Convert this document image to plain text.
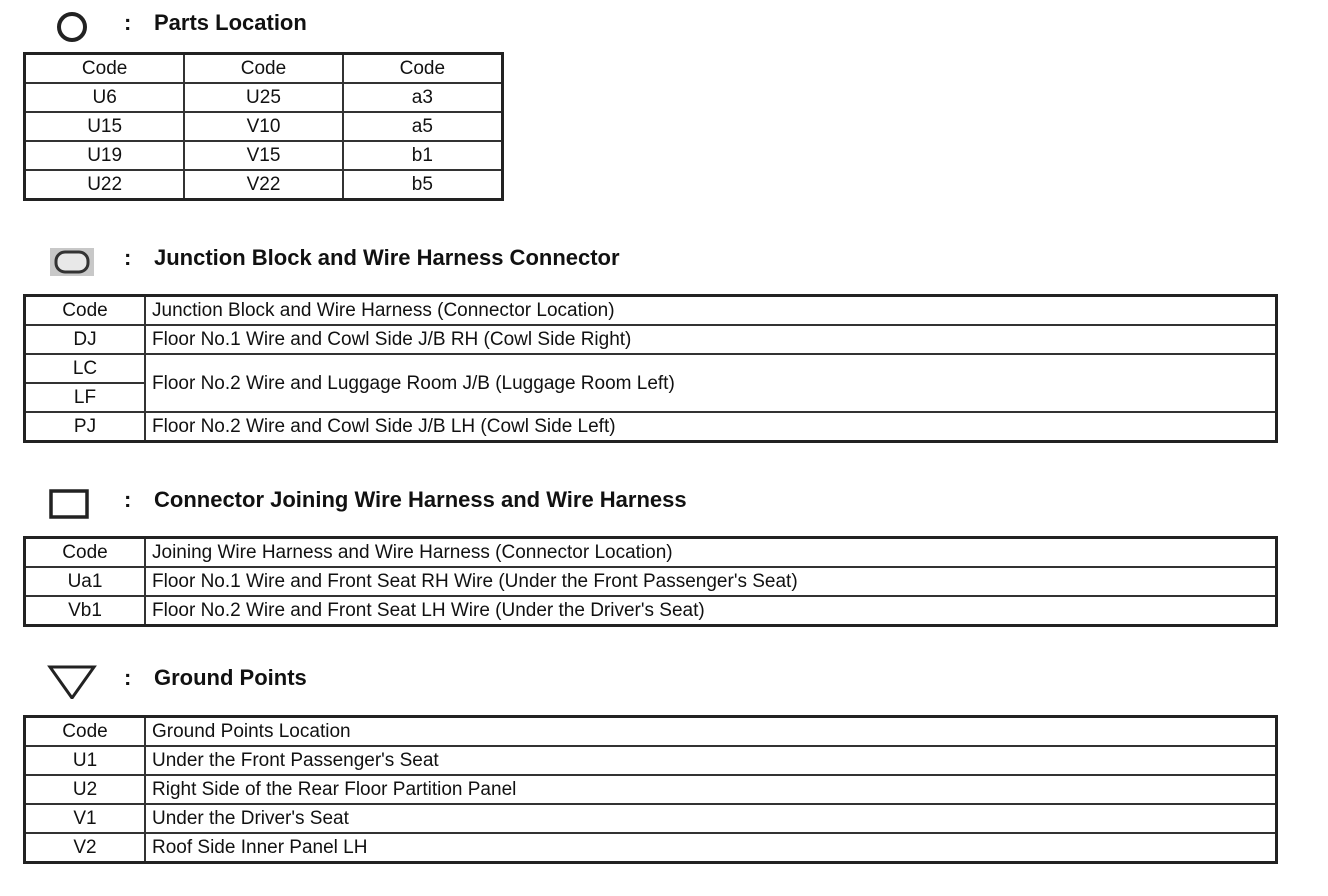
: Parts Location
Code	Code	Code
U6	U25	a3
U15	V10	a5
U19	V15	b1
U22	V22	b5
: Junction Block and Wire Harness Connector
Code	Junction Block and Wire Harness (Connector Location)
DJ	Floor No.1 Wire and Cowl Side J/B RH (Cowl Side Right)
LC	Floor No.2 Wire and Luggage Room J/B (Luggage Room Left)
LF	
PJ	Floor No.2 Wire and Cowl Side J/B LH (Cowl Side Left)
: Connector Joining Wire Harness and Wire Harness
Code	Joining Wire Harness and Wire Harness (Connector Location)
Ua1	Floor No.1 Wire and Front Seat RH Wire (Under the Front Passenger's Seat)
Vb1	Floor No.2 Wire and Front Seat LH Wire (Under the Driver's Seat)
: Ground Points
Code	Ground Points Location
U1	Under the Front Passenger's Seat
U2	Right Side of the Rear Floor Partition Panel
V1	Under the Driver's Seat
V2	Roof Side Inner Panel LH
